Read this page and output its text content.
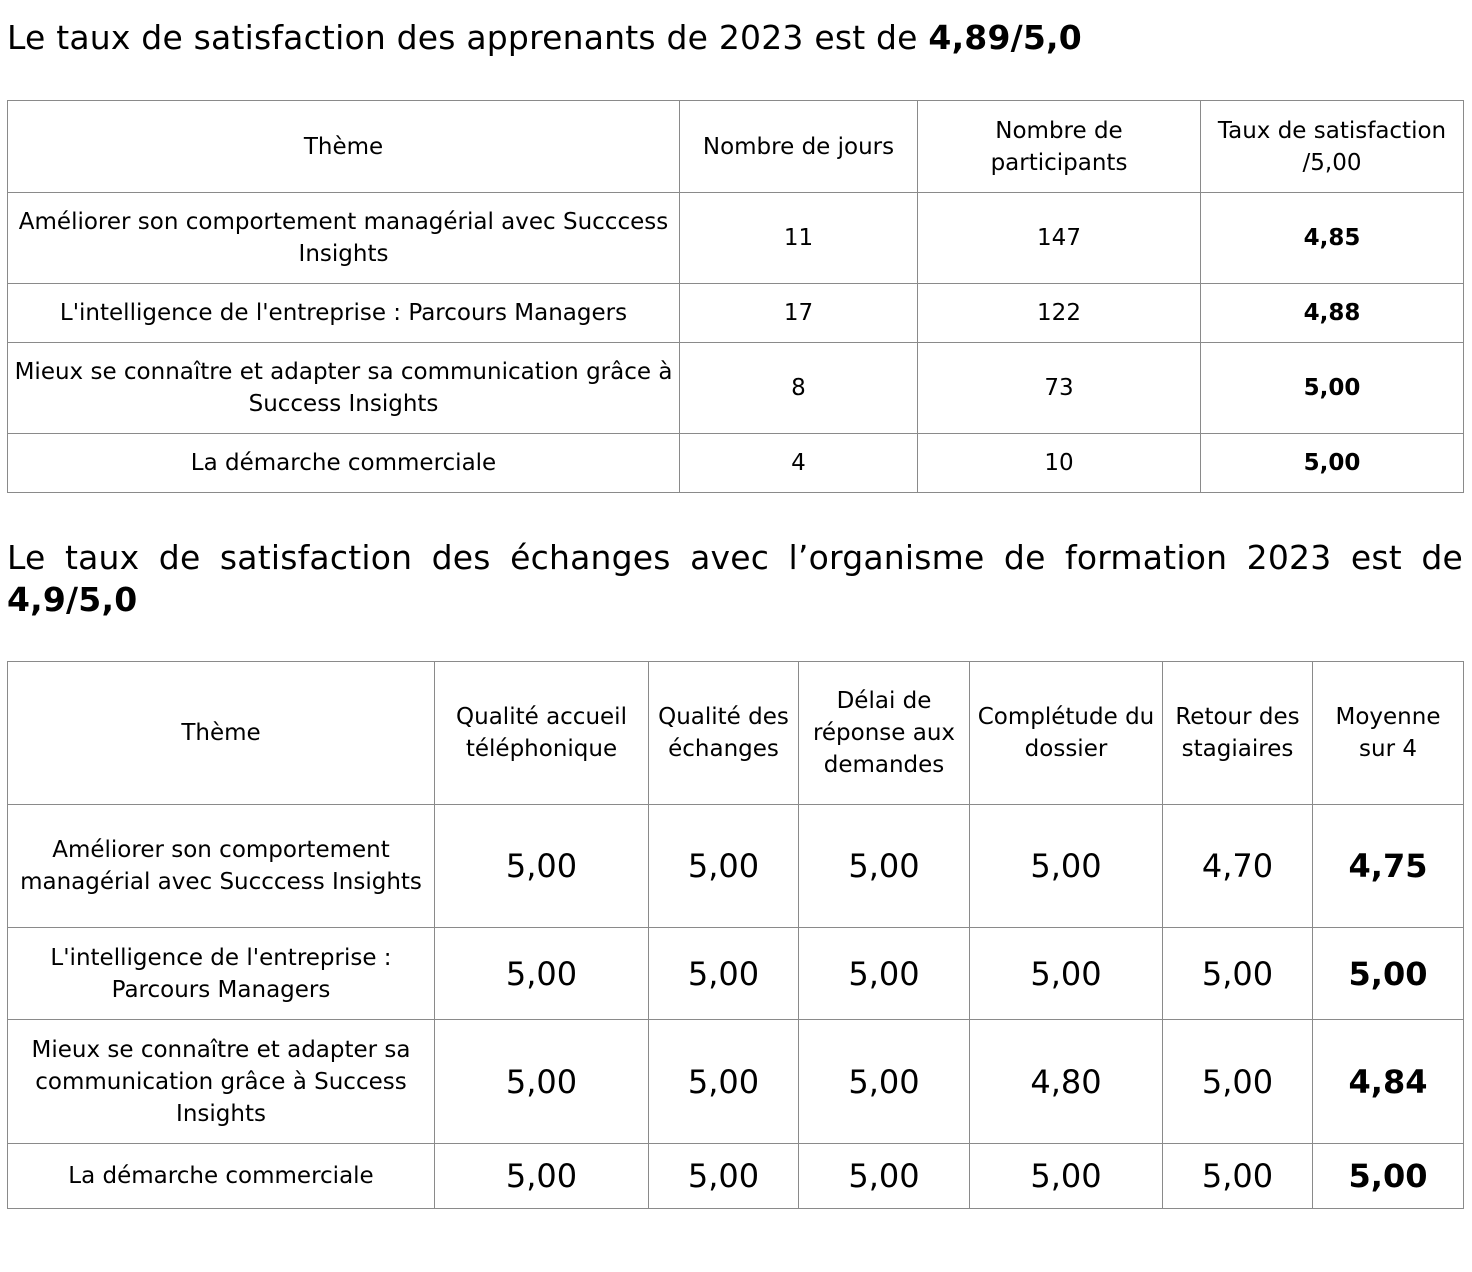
Le taux de satisfaction des apprenants de 2023 est de 4,89/5,0

Thème	Nombre de jours	Nombre de participants	Taux de satisfaction /5,00
Améliorer son comportement managérial avec Succcess Insights	11	147	4,85
L'intelligence de l'entreprise : Parcours Managers	17	122	4,88
Mieux se connaître et adapter sa communication grâce à Success Insights	8	73	5,00
La démarche commerciale	4	10	5,00

Le taux de satisfaction des échanges avec l’organisme de formation 2023 est de 4,9/5,0

Thème	Qualité accueil téléphonique	Qualité des échanges	Délai de réponse aux demandes	Complétude du dossier	Retour des stagiaires	Moyenne sur 4
Améliorer son comportement managérial avec Succcess Insights	5,00	5,00	5,00	5,00	4,70	4,75
L'intelligence de l'entreprise : Parcours Managers	5,00	5,00	5,00	5,00	5,00	5,00
Mieux se connaître et adapter sa communication grâce à Success Insights	5,00	5,00	5,00	4,80	5,00	4,84
La démarche commerciale	5,00	5,00	5,00	5,00	5,00	5,00
